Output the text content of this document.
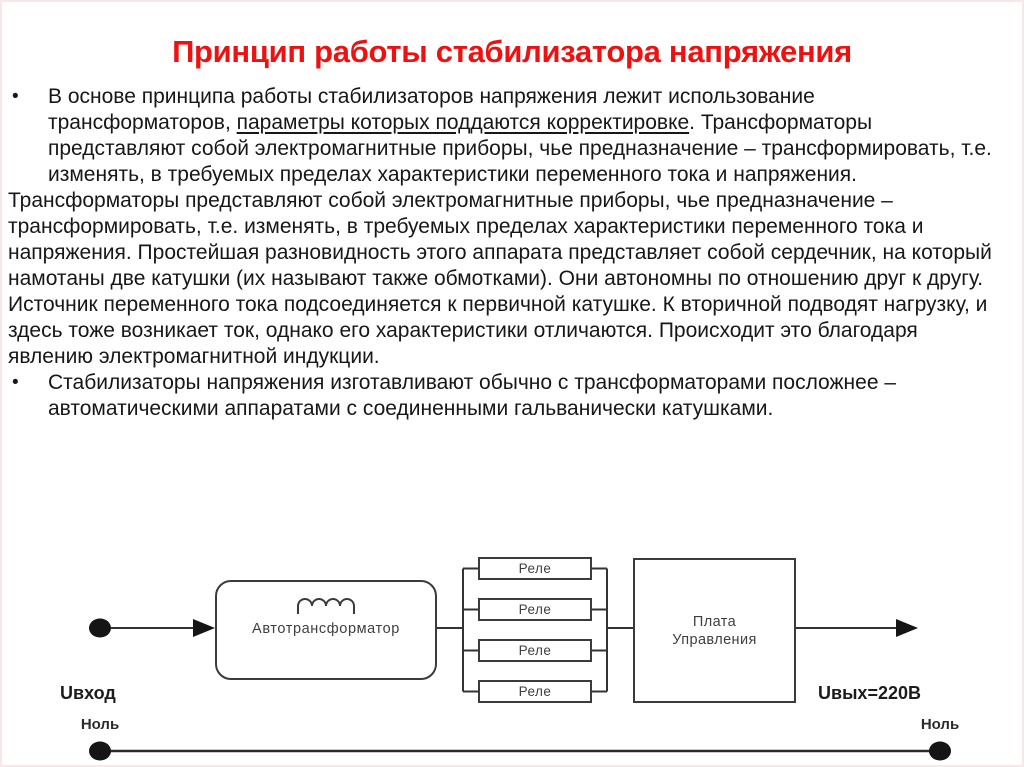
Принцип работы стабилизатора напряжения
• В основе принципа работы стабилизаторов напряжения лежит использование трансформаторов, параметры которых поддаются корректировке. Трансформаторы представляют собой электромагнитные приборы, чье предназначение – трансформировать, т.е. изменять, в требуемых пределах характеристики переменного тока и напряжения.

Трансформаторы представляют собой электромагнитные приборы, чье предназначение – трансформировать, т.е. изменять, в требуемых пределах характеристики переменного тока и напряжения. Простейшая разновидность этого аппарата представляет собой сердечник, на который намотаны две катушки (их называют также обмотками). Они автономны по отношению друг к другу. Источник переменного тока подсоединяется к первичной катушке. К вторичной подводят нагрузку, и здесь тоже возникает ток, однако его характеристики отличаются. Происходит это благодаря явлению электромагнитной индукции.

• Стабилизаторы напряжения изготавливают обычно с трансформаторами посложнее – автоматическими аппаратами с соединенными гальванически катушками.
Автотрансформатор
Реле
Реле
Реле
Реле
Плата
Управления
Uвход	Uвых=220В
Ноль	Ноль
